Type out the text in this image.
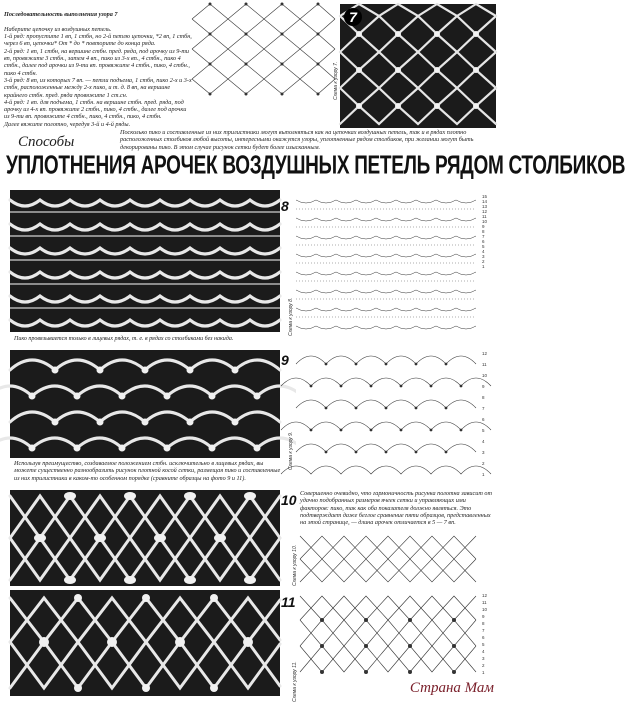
Последовательность выполнения узора 7

Наберите цепочку из воздушных петель.
1-й ряд: пропустите 1 вп, 1 стбн, но 2-й петлю цепочки, *2 вп, 1 стбн, через 6 вп, цепочки* От * до * повторите до конца ряда.
2-й ряд: 1 вп, 1 стбн, на вершине стбн. пред. ряда, под арочку из 9-ти вп, провяжите 3 стбн., затем 4 вп., пико из 3-х вп., 4 стбн., пико 4 стбн., далее под арочки из 9-ти вп. провяжите 4 стбн., пико, 4 стбн., пико 4 стбн.
3-й ряд: 8 вп, из которых 7 вп. — петли подъема, 1 стбн, пико 2-х и 3-х стбн, расположенные между 2-х пико, и т. д. 8 вп, на вершине крайнего стбн. пред. ряда провяжите 1 ст.сн.
4-й ряд: 1 вп. для подъема, 1 стбн. на вершине стбн. пред. ряда, под арочку из 4-х вп. провяжите 2 стбн., пико, 4 стбн., далее под арочки из 9-ти вп. провяжите 4 стбн., пико, 4 стбн., пико, 4 стбн.
Далее вяжите полотно, чередуя 3-й и 4-й ряды.

Схема к узору 7.
7
Посколько пико и составленные из них трилистники могут выполняться как на цепочках воздушных петель, так и в рядах плотно расположенных столбиков любой высоты, интересными окажутся узоры, уплотненные рядом столбиков, при желании могут быть декорированы пико. В этом случае рисунок сетки будет более изысканным.
Способы
УПЛОТНЕНИЯ АРОЧЕК ВОЗДУШНЫХ ПЕТЕЛЬ РЯДОМ СТОЛБИКОВ
Пико провязывается только в лицевых рядах, т. е. в рядах со столбиками без накида.
8
Схема к узору 8.
15
14
13
12
11
10
9
8
7
6
5
4
3
2
1
Используя преимущество, создаваемое положением стбн. исключительно в лицевых рядах, вы можете существенно разнообразить рисунок плотной косой сетки, размещая пико и составленные из них трилистники в каком-то особенном порядке (сравните образцы на фото 9 и 11).
9
Схема к узору 9.
12
11
10
9
8
7
6
5
4
3
2
1
10 Совершенно очевидно, что гармоничность рисунка полотна зависит от удачно подобранных размеров ячеек сетки и управляющих ими факторов: пико, так как оба показателя должно являться. Это подтверждает даже беглое сравнение пяти образцов, представленных на этой странице, — длина арочек отличается в 5 — 7 вп.
Схема к узору 10.
11
Схема к узору 11.
12
11
10
9
8
7
6
5
4
3
2
1
Страна Мам
